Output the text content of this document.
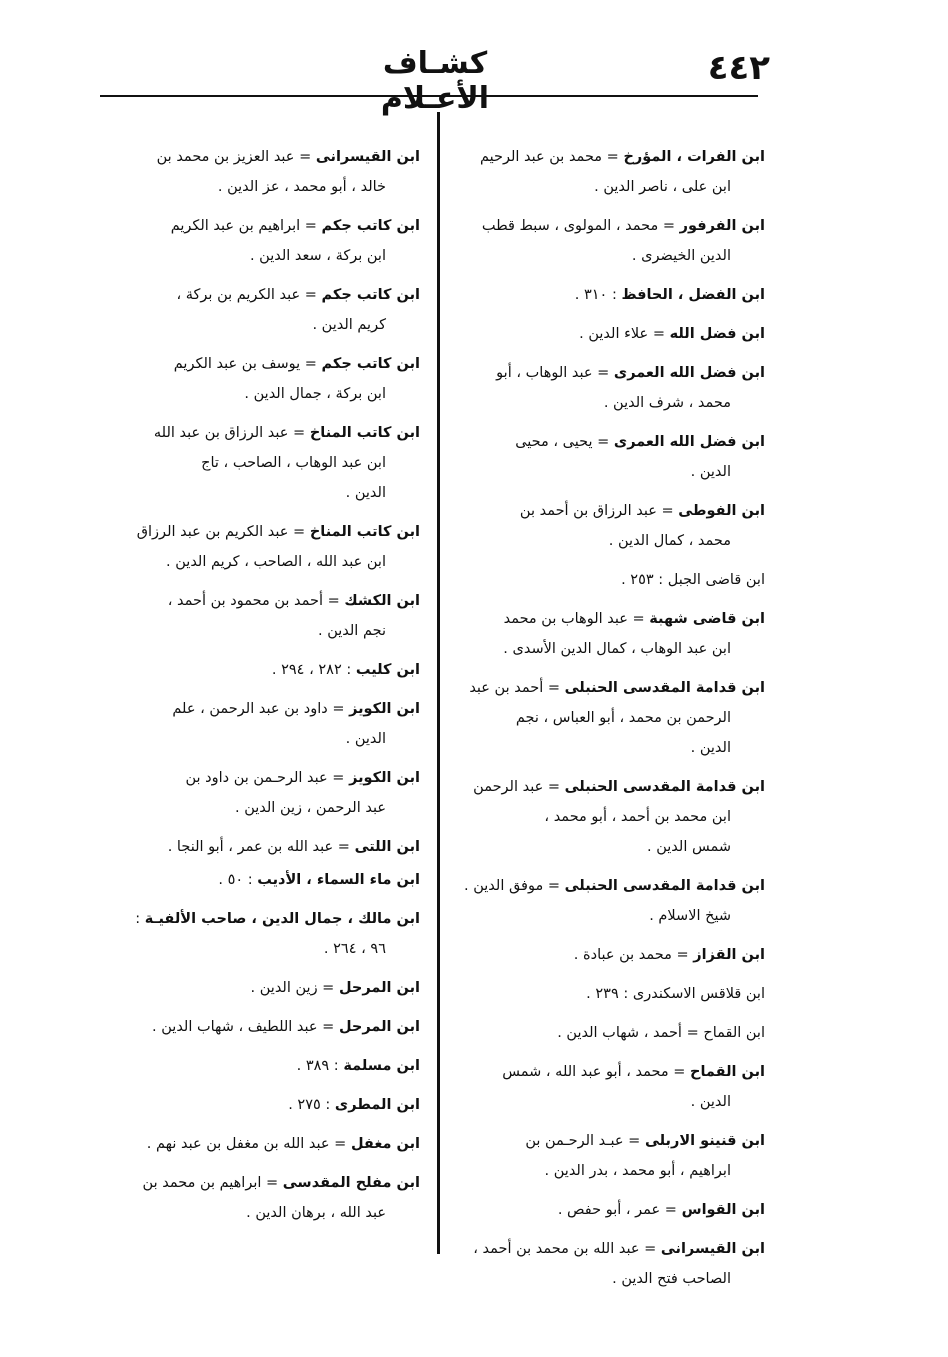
٤٤٢
كشـاف الأعـلام
ابن الفرات ، المؤرخ = محمد بن عبد الرحيم
ابن على ، ناصر الدين .
ابن الفرفور = محمد ، المولوى ، سبط قطب
الدين الخيضرى .
ابن الفضل ، الحافظ : ٣١٠ .
ابن فضل الله = علاء الدين .
ابن فضل الله العمرى = عبد الوهاب ، أبو
محمد ، شرف الدين .
ابن فضل الله العمرى = يحيى ، محيى
الدين .
ابن الفوطى = عبد الرزاق بن أحمد بن
محمد ، كمال الدين .
ابن قاضى الجبل : ٢٥٣ .
ابن قاضى شهبة = عبد الوهاب بن محمد
ابن عبد الوهاب ، كمال الدين الأسدى .
ابن قدامة المقدسى الحنبلى = أحمد بن عبد
الرحمن بن محمد ، أبو العباس ، نجم
الدين .
ابن قدامة المقدسى الحنبلى = عبد الرحمن
ابن محمد بن أحمد ، أبو محمد ،
شمس الدين .
ابن قدامة المقدسى الحنبلى = موفق الدين .
شيخ الاسلام .
ابن القزاز = محمد بن عبادة .
ابن قلاقس الاسكندرى : ٢٣٩ .
ابن القماح = أحمد ، شهاب الدين .
ابن القماح = محمد ، أبو عبد الله ، شمس
الدين .
ابن قنينو الاربلى = عبـد الرحـمن بن
ابراهيم ، أبو محمد ، بدر الدين .
ابن القواس = عمر ، أبو حفص .
ابن القيسرانى = عبد الله بن محمد بن أحمد ،
الصاحب فتح الدين .
ابن القيسرانى = عبد العزيز بن محمد بن
خالد ، أبو محمد ، عز الدين .
ابن كاتب جكم = ابراهيم بن عبد الكريم
ابن بركة ، سعد الدين .
ابن كاتب جكم = عبد الكريم بن بركة ،
كريم الدين .
ابن كاتب جكم = يوسف بن عبد الكريم
ابن بركة ، جمال الدين .
ابن كاتب المناخ = عبد الرزاق بن عبد الله
ابن عبد الوهاب ، الصاحب ، تاج
الدين .
ابن كاتب المناخ = عبد الكريم بن عبد الرزاق
ابن عبد الله ، الصاحب ، كريم الدين .
ابن الكشك = أحمد بن محمود بن أحمد ،
نجم الدين .
ابن كليب : ٢٨٢ ، ٢٩٤ .
ابن الكويز = داود بن عبد الرحمن ، علم
الدين .
ابن الكويز = عبد الرحـمن بن داود بن
عبد الرحمن ، زين الدين .
ابن اللتى = عبد الله بن عمر ، أبو النجا .
ابن ماء السماء ، الأديب : ٥٠ .
ابن مالك ، جمال الدين ، صاحب الألفيـة :
٩٦ ، ٢٦٤ .
ابن المرحل = زين الدين .
ابن المرحل = عبد اللطيف ، شهاب الدين .
ابن مسلمة : ٣٨٩ .
ابن المطرى : ٢٧٥ .
ابن مغفل = عبد الله بن مغفل بن عبد نهم .
ابن مفلح المقدسى = ابراهيم بن محمد بن
عبد الله ، برهان الدين .
